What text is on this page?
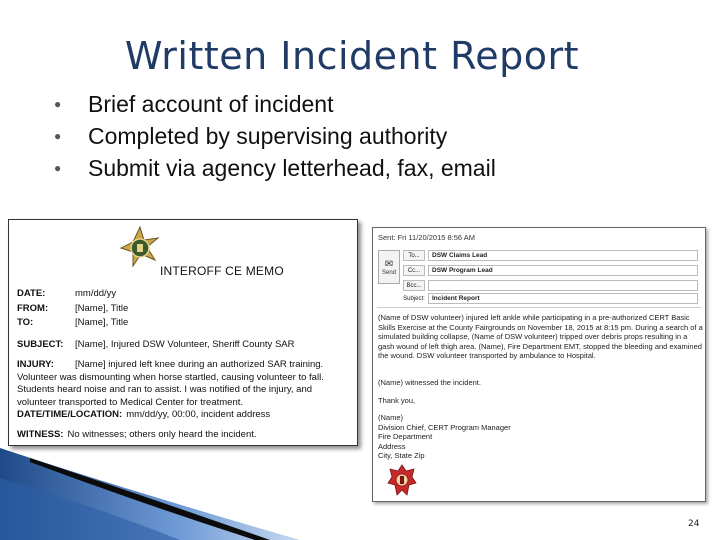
Written Incident Report
●	Brief account of incident
●	Completed by supervising authority
●	Submit via agency letterhead, fax, email
INTEROFF CE MEMO
DATE:	mm/dd/yy
FROM:	[Name], Title
TO:	[Name], Title
SUBJECT:	[Name], Injured DSW Volunteer, Sheriff County SAR
INJURY: [Name] injured left knee during an authorized SAR training. Volunteer was dismounting when horse startled, causing volunteer to fall. Students heard noise and ran to assist. I was notified of the injury, and volunteer transported to Medical Center for treatment.
DATE/TIME/LOCATION: mm/dd/yy, 00:00, incident address
WITNESS: No witnesses; others only heard the incident.
Sent: Fri 11/20/2015 8:56 AM
✉
Send
To...	DSW Claims Lead
Cc...	DSW Program Lead
Bcc...
Subject:	Incident Report
(Name of DSW volunteer) injured left ankle while participating in a pre-authorized CERT Basic Skills Exercise at the County Fairgrounds on November 18, 2015 at 8:15 pm. During a search of a simulated building collapse, (Name of DSW volunteer) tripped over debris props resulting in a gash wound of left thigh area. (Name), Fire Department EMT, stopped the bleeding and examined the wound. DSW volunteer transported by ambulance to Hospital.
(Name) witnessed the incident.
Thank you,
(Name)
Division Chief, CERT Program Manager
Fire Department
Address
City, State Zip
24
